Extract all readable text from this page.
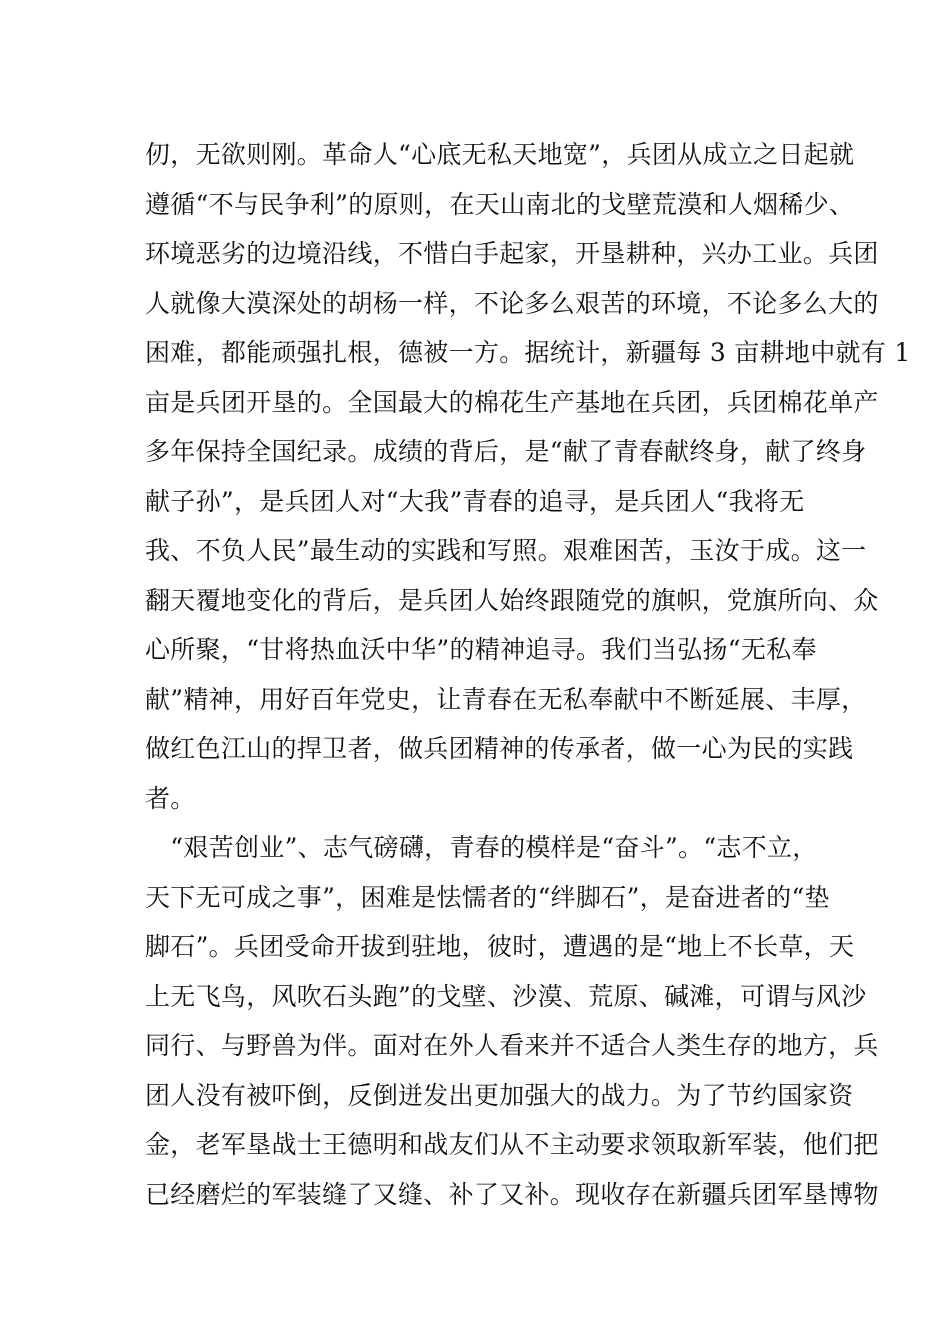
仞，无欲则刚。革命人“心底无私天地宽”，兵团从成立之日起就
遵循“不与民争利”的原则，在天山南北的戈壁荒漠和人烟稀少、
环境恶劣的边境沿线，不惜白手起家，开垦耕种，兴办工业。兵团
人就像大漠深处的胡杨一样，不论多么艰苦的环境，不论多么大的
困难，都能顽强扎根，德被一方。据统计，新疆每 3 亩耕地中就有 1
亩是兵团开垦的。全国最大的棉花生产基地在兵团，兵团棉花单产
多年保持全国纪录。成绩的背后，是“献了青春献终身，献了终身
献子孙”，是兵团人对“大我”青春的追寻，是兵团人“我将无
我、不负人民”最生动的实践和写照。艰难困苦，玉汝于成。这一
翻天覆地变化的背后，是兵团人始终跟随党的旗帜，党旗所向、众
心所聚，“甘将热血沃中华”的精神追寻。我们当弘扬“无私奉
献”精神，用好百年党史，让青春在无私奉献中不断延展、丰厚，
做红色江山的捍卫者，做兵团精神的传承者，做一心为民的实践
者。
　“艰苦创业”、志气磅礴，青春的模样是“奋斗”。“志不立，
天下无可成之事”，困难是怯懦者的“绊脚石”，是奋进者的“垫
脚石”。兵团受命开拔到驻地，彼时，遭遇的是“地上不长草，天
上无飞鸟，风吹石头跑”的戈壁、沙漠、荒原、碱滩，可谓与风沙
同行、与野兽为伴。面对在外人看来并不适合人类生存的地方，兵
团人没有被吓倒，反倒迸发出更加强大的战力。为了节约国家资
金，老军垦战士王德明和战友们从不主动要求领取新军装，他们把
已经磨烂的军装缝了又缝、补了又补。现收存在新疆兵团军垦博物
